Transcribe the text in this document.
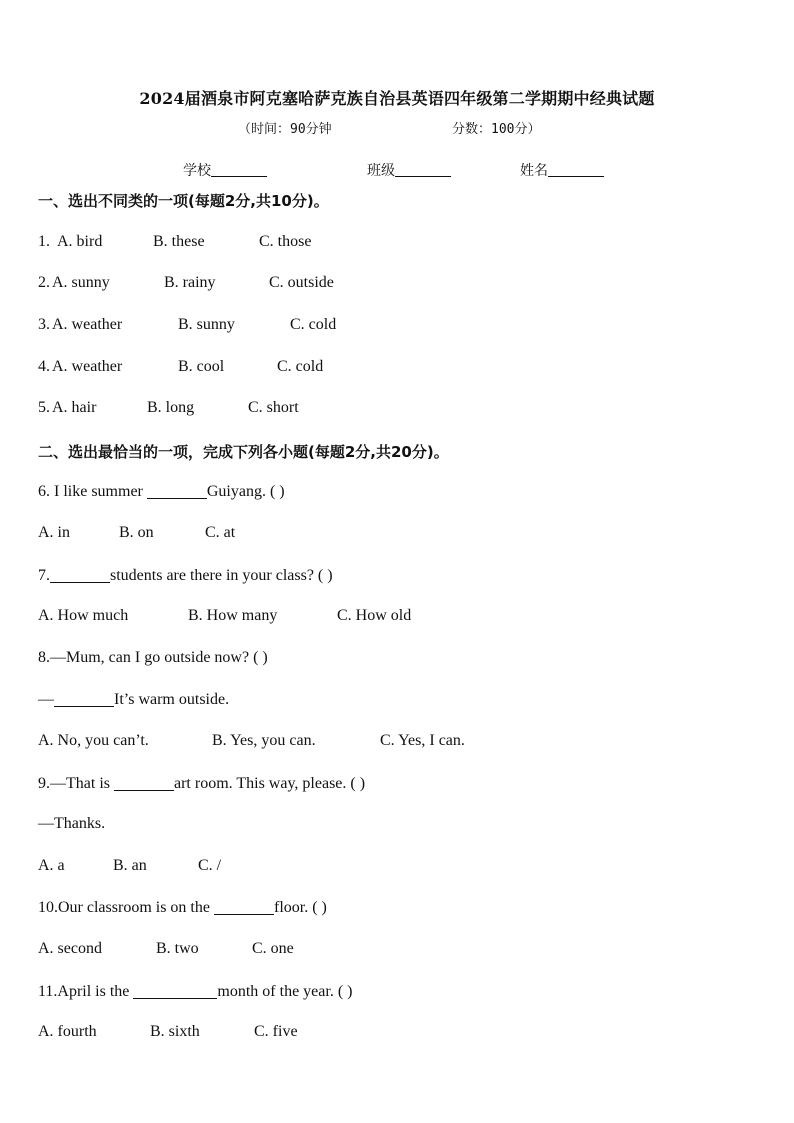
2024届酒泉市阿克塞哈萨克族自治县英语四年级第二学期期中经典试题
（时间：90分钟	分数：100分）
学校	班级	姓名
一、选出不同类的一项(每题2分,共10分)。
1. A. bird	B. these	C. those
2. A. sunny	B. rainy	C. outside
3. A. weather	B. sunny	C. cold
4. A. weather	B. cool	C. cold
5. A. hair	B. long	C. short
二、选出最恰当的一项，完成下列各小题(每题2分,共20分)。
6. I like summer	Guiyang. ( )
A. in	B. on	C. at
7.	students are there in your class? ( )
A. How much	B. How many	C. How old
8.—Mum, can I go outside now? ( )
—	It’s warm outside.
A. No, you can’t.	B. Yes, you can.	C. Yes, I can.
9.—That is	art room. This way, please. ( )
—Thanks.
A. a	B. an	C. /
10.Our classroom is on the	floor. ( )
A. second	B. two	C. one
11.April is the	month of the year. ( )
A. fourth	B. sixth	C. five
